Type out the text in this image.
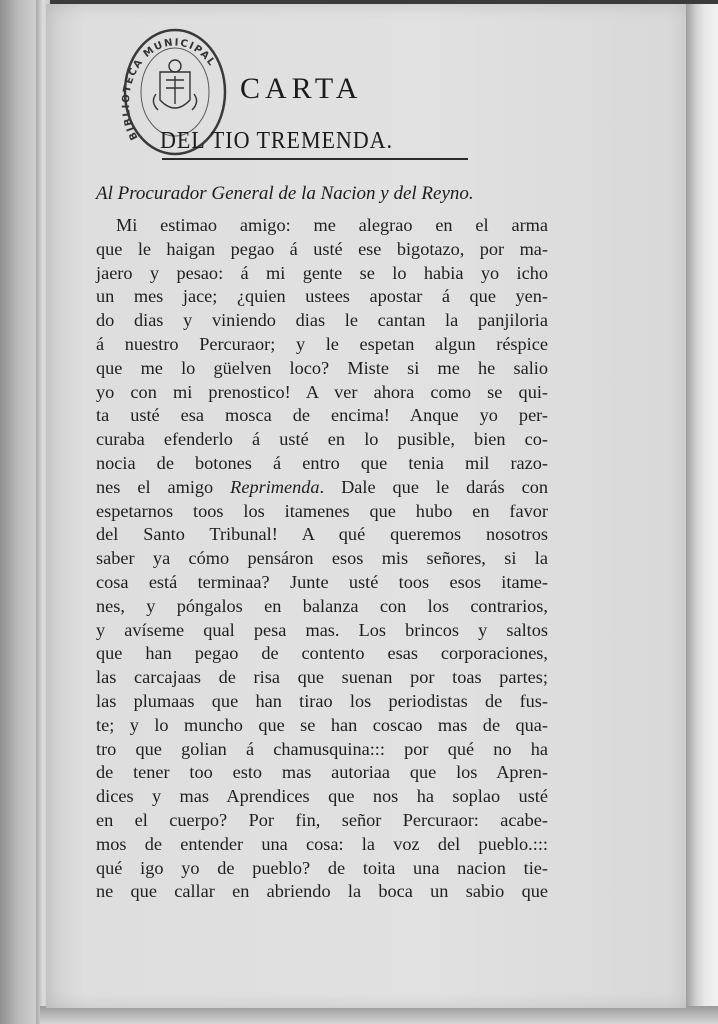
BIBLIOTECA MUNICIPAL
CARTA
DEL TIO TREMENDA.
Al Procurador General de la Nacion y del Reyno.
Mi estimao amigo: me alegrao en el arma
que le haigan pegao á usté ese bigotazo, por ma-
jaero y pesao: á mi gente se lo habia yo icho
un mes jace; ¿quien ustees apostar á que yen-
do dias y viniendo dias le cantan la panjiloria
á nuestro Percuraor; y le espetan algun réspice
que me lo güelven loco? Miste si me he salio
yo con mi prenostico! A ver ahora como se qui-
ta usté esa mosca de encima! Anque yo per-
curaba efenderlo á usté en lo pusible, bien co-
nocia de botones á entro que tenia mil razo-
nes el amigo Reprimenda. Dale que le darás con
espetarnos toos los itamenes que hubo en favor
del Santo Tribunal! A qué queremos nosotros
saber ya cómo pensáron esos mis señores, si la
cosa está terminaa? Junte usté toos esos itame-
nes, y póngalos en balanza con los contrarios,
y avíseme qual pesa mas. Los brincos y saltos
que han pegao de contento esas corporaciones,
las carcajaas de risa que suenan por toas partes;
las plumaas que han tirao los periodistas de fus-
te; y lo muncho que se han coscao mas de qua-
tro que golian á chamusquina::: por qué no ha
de tener too esto mas autoriaa que los Apren-
dices y mas Aprendices que nos ha soplao usté
en el cuerpo? Por fin, señor Percuraor: acabe-
mos de entender una cosa: la voz del pueblo.:::
qué igo yo de pueblo? de toita una nacion tie-
ne que callar en abriendo la boca un sabio que
